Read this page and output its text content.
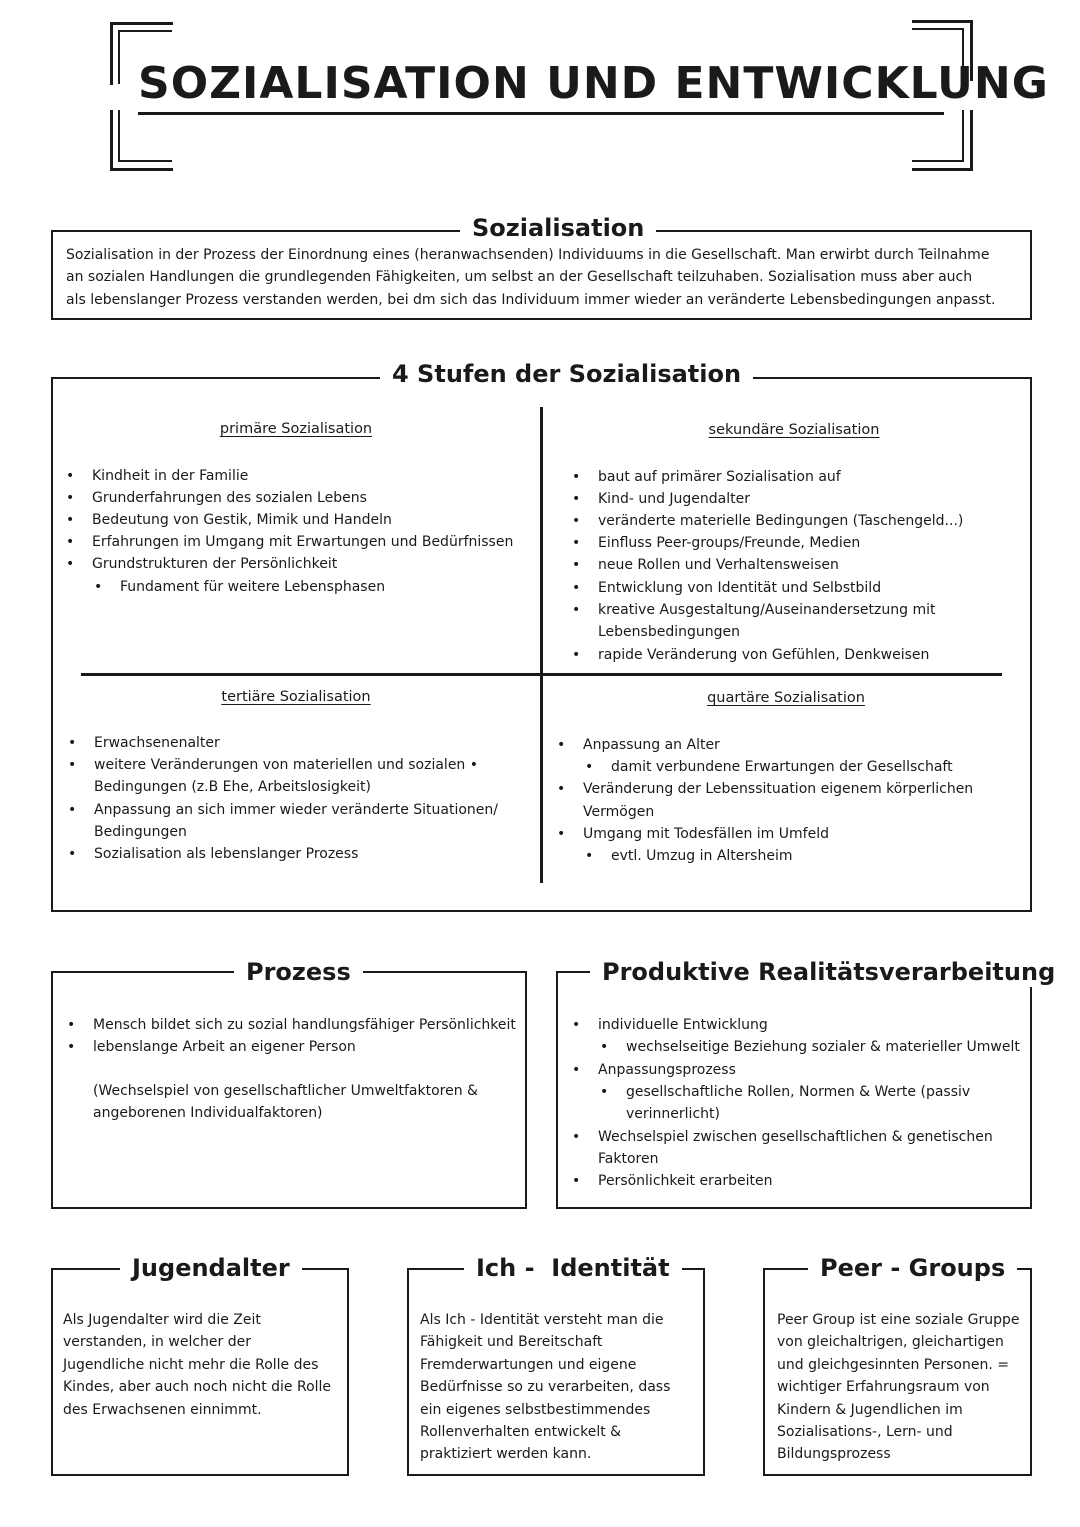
SOZIALISATION UND ENTWICKLUNG
Sozialisation
Sozialisation in der Prozess der Einordnung eines (heranwachsenden) Individuums in die Gesellschaft. Man erwirbt durch Teilnahme an sozialen Handlungen die grundlegenden Fähigkeiten, um selbst an der Gesellschaft teilzuhaben. Sozialisation muss aber auch als lebenslanger Prozess verstanden werden, bei dm sich das Individuum immer wieder an veränderte Lebensbedingungen anpasst.
4 Stufen der Sozialisation
primäre Sozialisation
• Kindheit in der Familie
• Grunderfahrungen des sozialen Lebens
• Bedeutung von Gestik, Mimik und Handeln
• Erfahrungen im Umgang mit Erwartungen und Bedürfnissen
• Grundstrukturen der Persönlichkeit
• Fundament für weitere Lebensphasen
sekundäre Sozialisation
• baut auf primärer Sozialisation auf
• Kind- und Jugendalter
• veränderte materielle Bedingungen (Taschengeld...)
• Einfluss Peer-groups/Freunde, Medien
• neue Rollen und Verhaltensweisen
• Entwicklung von Identität und Selbstbild
• kreative Ausgestaltung/Auseinandersetzung mit
Lebensbedingungen
• rapide Veränderung von Gefühlen, Denkweisen
tertiäre Sozialisation
• Erwachsenenalter
• weitere Veränderungen von materiellen und sozialen •
Bedingungen (z.B Ehe, Arbeitslosigkeit)
• Anpassung an sich immer wieder veränderte Situationen/
Bedingungen
• Sozialisation als lebenslanger Prozess
quartäre Sozialisation
• Anpassung an Alter
• damit verbundene Erwartungen der Gesellschaft
• Veränderung der Lebenssituation eigenem körperlichen
Vermögen
• Umgang mit Todesfällen im Umfeld
• evtl. Umzug in Altersheim
Prozess
• Mensch bildet sich zu sozial handlungsfähiger Persönlichkeit
• lebenslange Arbeit an eigener Person
(Wechselspiel von gesellschaftlicher Umweltfaktoren & angeborenen Individualfaktoren)
Produktive Realitätsverarbeitung
• individuelle Entwicklung
• wechselseitige Beziehung sozialer & materieller Umwelt
• Anpassungsprozess
• gesellschaftliche Rollen, Normen & Werte (passiv
verinnerlicht)
• Wechselspiel zwischen gesellschaftlichen & genetischen
Faktoren
• Persönlichkeit erarbeiten
Jugendalter
Als Jugendalter wird die Zeit verstanden, in welcher der Jugendliche nicht mehr die Rolle des Kindes, aber auch noch nicht die Rolle des Erwachsenen einnimmt.
Ich -  Identität
Als Ich - Identität versteht man die Fähigkeit und Bereitschaft Fremderwartungen und eigene Bedürfnisse so zu verarbeiten, dass ein eigenes selbstbestimmendes Rollenverhalten entwickelt & praktiziert werden kann.
Peer - Groups
Peer Group ist eine soziale Gruppe von gleichaltrigen, gleichartigen und gleichgesinnten Personen. = wichtiger Erfahrungsraum von Kindern & Jugendlichen im Sozialisations-, Lern- und Bildungsprozess
